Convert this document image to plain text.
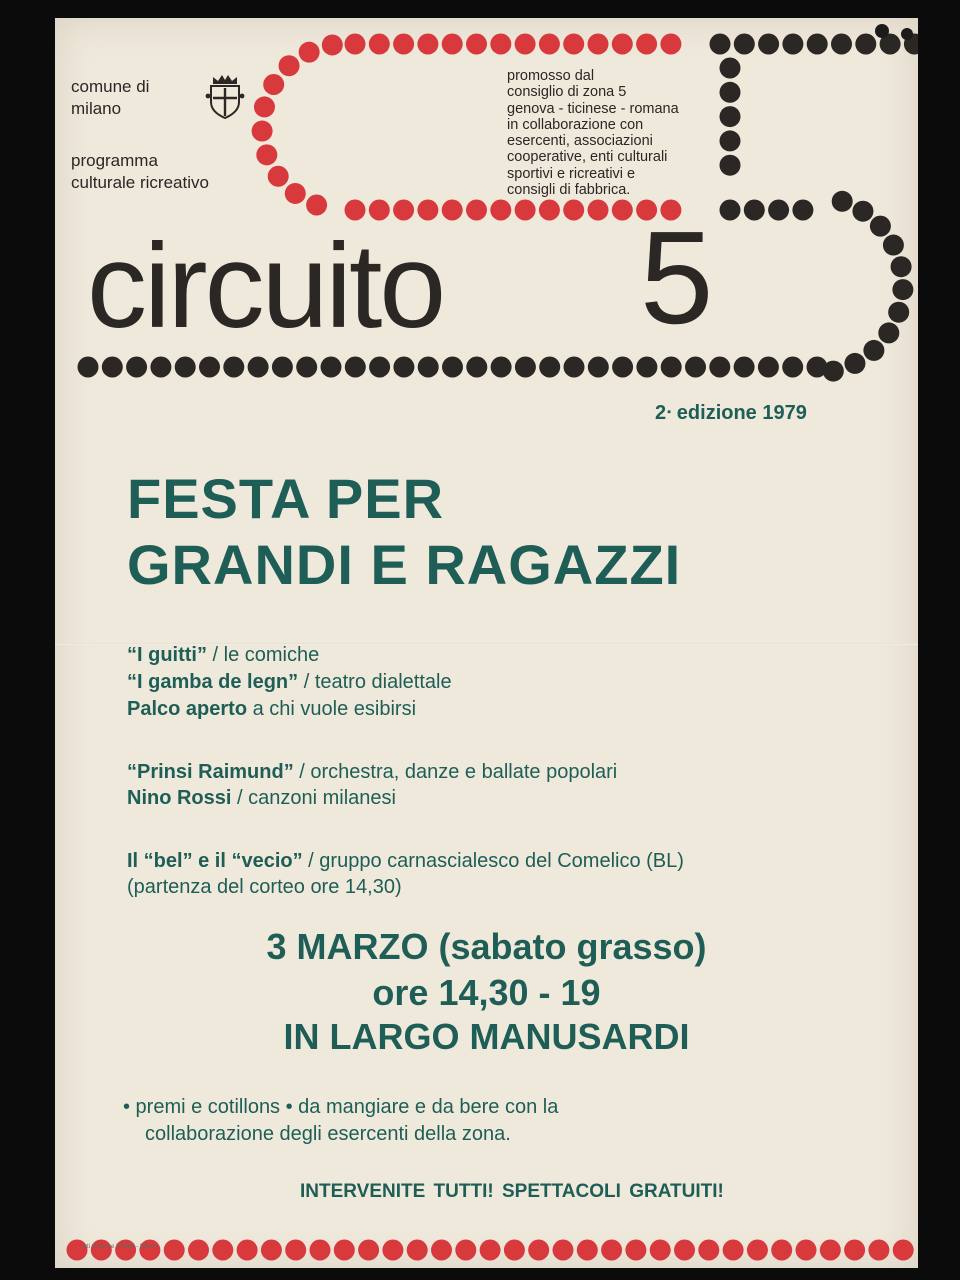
comune di
milano
programma
culturale ricreativo
promosso dal
consiglio di zona 5
genova - ticinese - romana
in collaborazione con
esercenti, associazioni
cooperative, enti culturali
sportivi e ricreativi e
consigli di fabbrica.
circuito 5
2ᐧ edizione 1979
FESTA PER
GRANDI E RAGAZZI
“I guitti” / le comiche
“I gamba de legn” / teatro dialettale
Palco aperto a chi vuole esibirsi
“Prinsi Raimund” / orchestra, danze e ballate popolari
Nino Rossi / canzoni milanesi
Il “bel” e il “vecio” / gruppo carnascialesco del Comelico (BL)
(partenza del corteo ore 14,30)
3 MARZO (sabato grasso)
ore 14,30 - 19
IN LARGO MANUSARDI
• premi e cotillons • da mangiare e da bere con la
collaborazione degli esercenti della zona.
INTERVENITE TUTTI! SPETTACOLI GRATUITI!
Arti Grafiche ROBBI - Milano
